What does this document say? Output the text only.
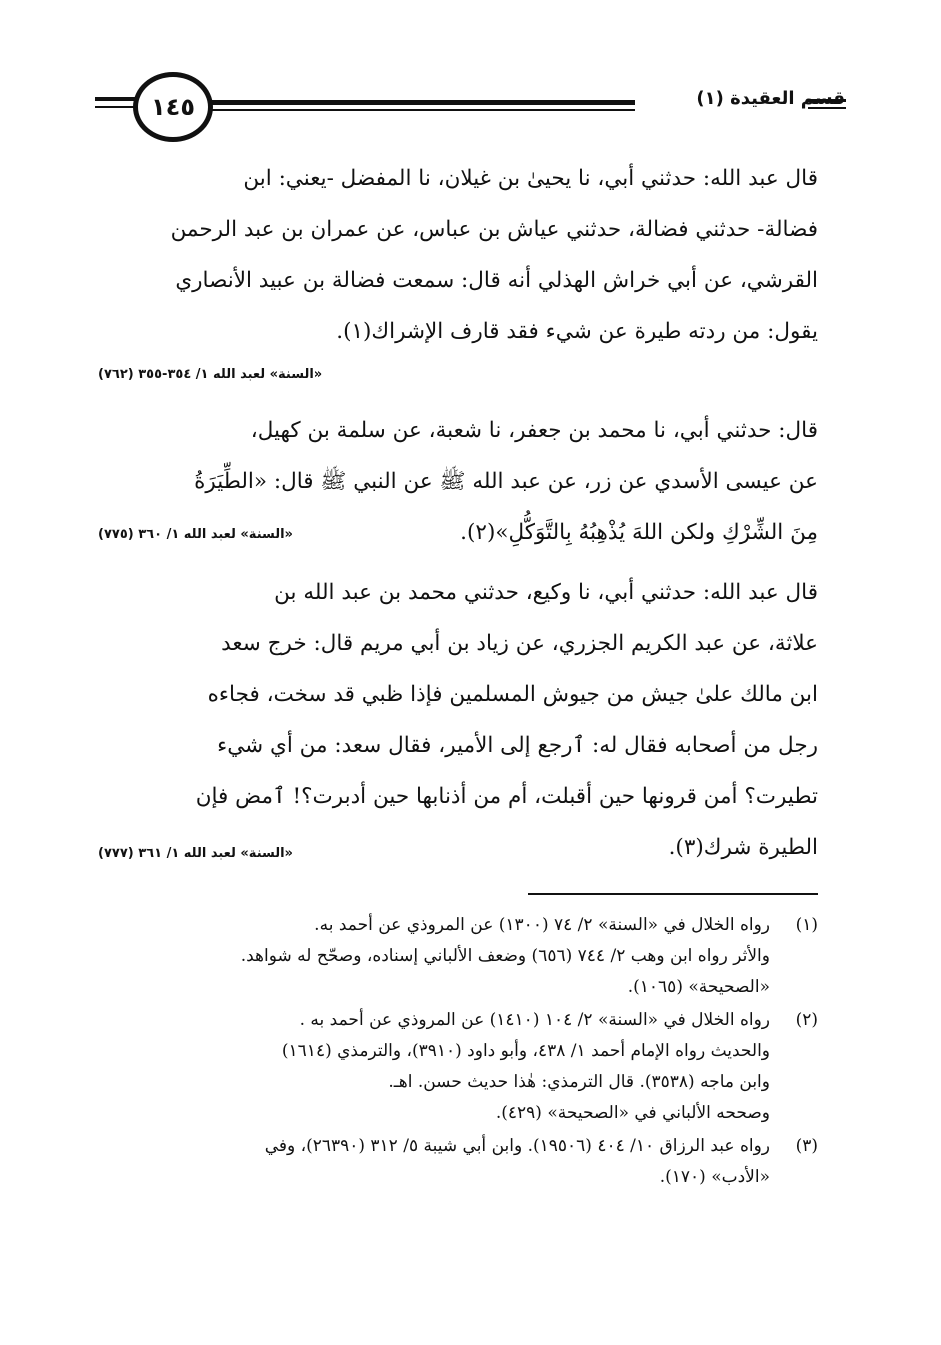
١٤٥	قسم العقيدة (١)
قال عبد الله: حدثني أبي، نا يحيىٰ بن غيلان، نا المفضل -يعني: ابن
فضالة- حدثني فضالة، حدثني عياش بن عباس، عن عمران بن عبد الرحمن
القرشي، عن أبي خراش الهذلي أنه قال: سمعت فضالة بن عبيد الأنصاري
يقول: من ردته طيرة عن شيء فقد قارف الإشراك(١).
«السنة» لعبد الله ١/ ٣٥٤-٣٥٥ (٧٦٢)
قال: حدثني أبي، نا محمد بن جعفر، نا شعبة، عن سلمة بن كهيل،
عن عيسى الأسدي عن زر، عن عبد الله ﷺ عن النبي ﷺ قال: «الطِّيَرَةُ
مِنَ الشِّرْكِ ولكن اللهَ يُذْهِبُهُ بِالتَّوَكُّلِ»(٢).
«السنة» لعبد الله ١/ ٣٦٠ (٧٧٥)
قال عبد الله: حدثني أبي، نا وكيع، حدثني محمد بن عبد الله بن
علاثة، عن عبد الكريم الجزري، عن زياد بن أبي مريم قال: خرج سعد
ابن مالك علىٰ جيش من جيوش المسلمين فإذا ظبي قد سخت، فجاءه
رجل من أصحابه فقال له: ٱرجع إلى الأمير، فقال سعد: من أي شيء
تطيرت؟ أمن قرونها حين أقبلت، أم من أذنابها حين أدبرت؟! ٱمض فإن
الطيرة شرك(٣).
«السنة» لعبد الله ١/ ٣٦١ (٧٧٧)
(١)
رواه الخلال في «السنة» ٢/ ٧٤ (١٣٠٠) عن المروذي عن أحمد به.
والأثر رواه ابن وهب ٢/ ٧٤٤ (٦٥٦) وضعف الألباني إسناده، وصحّح له شواهد.
«الصحيحة» (١٠٦٥).
(٢)
رواه الخلال في «السنة» ٢/ ١٠٤ (١٤١٠) عن المروذي عن أحمد به .
والحديث رواه الإمام أحمد ١/ ٤٣٨، وأبو داود (٣٩١٠)، والترمذي (١٦١٤)
وابن ماجه (٣٥٣٨). قال الترمذي: هٰذا حديث حسن. اهـ.
وصححه الألباني في «الصحيحة» (٤٢٩).
(٣)
رواه عبد الرزاق ١٠/ ٤٠٤ (١٩٥٠٦). وابن أبي شيبة ٥/ ٣١٢ (٢٦٣٩٠)، وفي
«الأدب» (١٧٠).
